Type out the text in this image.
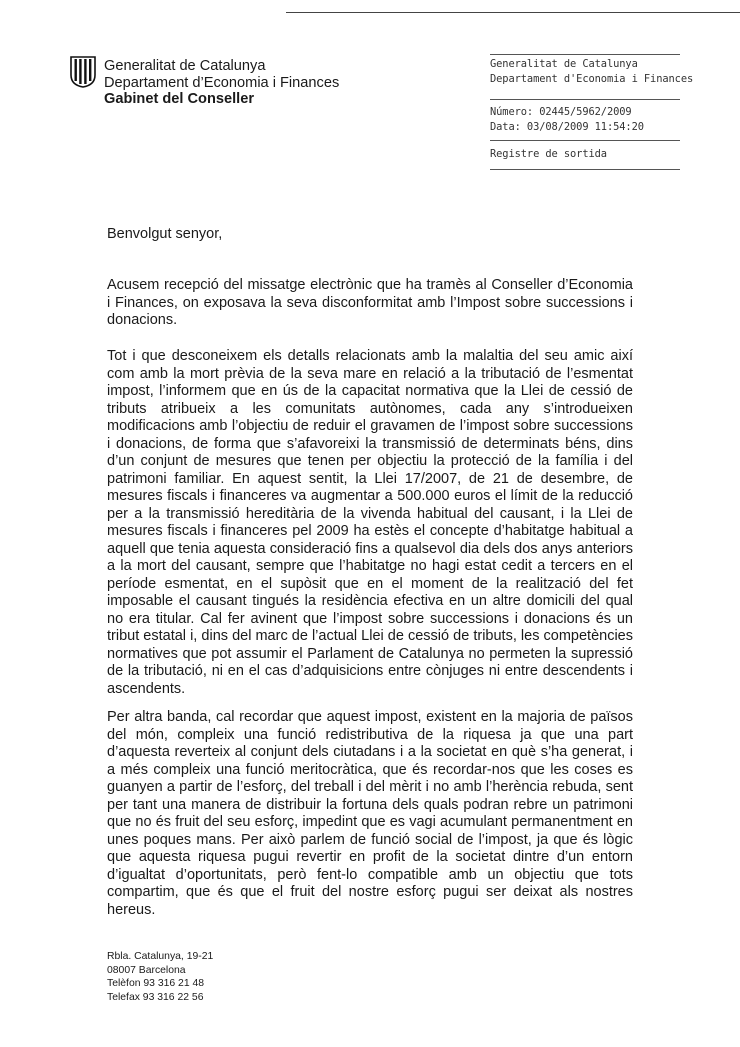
Generalitat de Catalunya
Departament d’Economia i Finances
Gabinet del Conseller
Generalitat de Catalunya
Departament d'Economia i Finances
Número: 02445/5962/2009
Data: 03/08/2009 11:54:20
Registre de sortida

Benvolgut senyor,

Acusem recepció del missatge electrònic que ha tramès al Conseller d’Economia i Finances, on exposava la seva disconformitat amb l’Impost sobre successions i donacions.

Tot i que desconeixem els detalls relacionats amb la malaltia del seu amic així com amb la mort prèvia de la seva mare en relació a la tributació de l’esmentat impost, l’informem que en ús de la capacitat normativa que la Llei de cessió de tributs atribueix a les comunitats autònomes, cada any s’introdueixen modificacions amb l’objectiu de reduir el gravamen de l’impost sobre successions i donacions, de forma que s’afavoreixi la transmissió de determinats béns, dins d’un conjunt de mesures que tenen per objectiu la protecció de la família i del patrimoni familiar. En aquest sentit, la Llei 17/2007, de 21 de desembre, de mesures fiscals i financeres va augmentar a 500.000 euros el límit de la reducció per a la transmissió hereditària de la vivenda habitual del causant, i la Llei de mesures fiscals i financeres pel 2009 ha estès el concepte d’habitatge habitual a aquell que tenia aquesta consideració fins a qualsevol dia dels dos anys anteriors a la mort del causant, sempre que l’habitatge no hagi estat cedit a tercers en el període esmentat, en el supòsit que en el moment de la realització del fet imposable el causant tingués la residència efectiva en un altre domicili del qual no era titular. Cal fer avinent que l’impost sobre successions i donacions és un tribut estatal i, dins del marc de l’actual Llei de cessió de tributs, les competències normatives que pot assumir el Parlament de Catalunya no permeten la supressió de la tributació, ni en el cas d’adquisicions entre cònjuges ni entre descendents i ascendents.

Per altra banda, cal recordar que aquest impost, existent en la majoria de països del món, compleix una funció redistributiva de la riquesa ja que una part d’aquesta reverteix al conjunt dels ciutadans i a la societat en què s’ha generat, i a més compleix una funció meritocràtica, que és recordar-nos que les coses es guanyen a partir de l’esforç, del treball i del mèrit i no amb l’herència rebuda, sent per tant una manera de distribuir la fortuna dels quals podran rebre un patrimoni que no és fruit del seu esforç, impedint que es vagi acumulant permanentment en unes poques mans. Per això parlem de funció social de l’impost, ja que és lògic que aquesta riquesa pugui revertir en profit de la societat dintre d’un entorn d’igualtat d’oportunitats, però fent-lo compatible amb un objectiu que tots compartim, que és que el fruit del nostre esforç pugui ser deixat als nostres hereus.

Rbla. Catalunya, 19-21
08007 Barcelona
Telèfon 93 316 21 48
Telefax 93 316 22 56
